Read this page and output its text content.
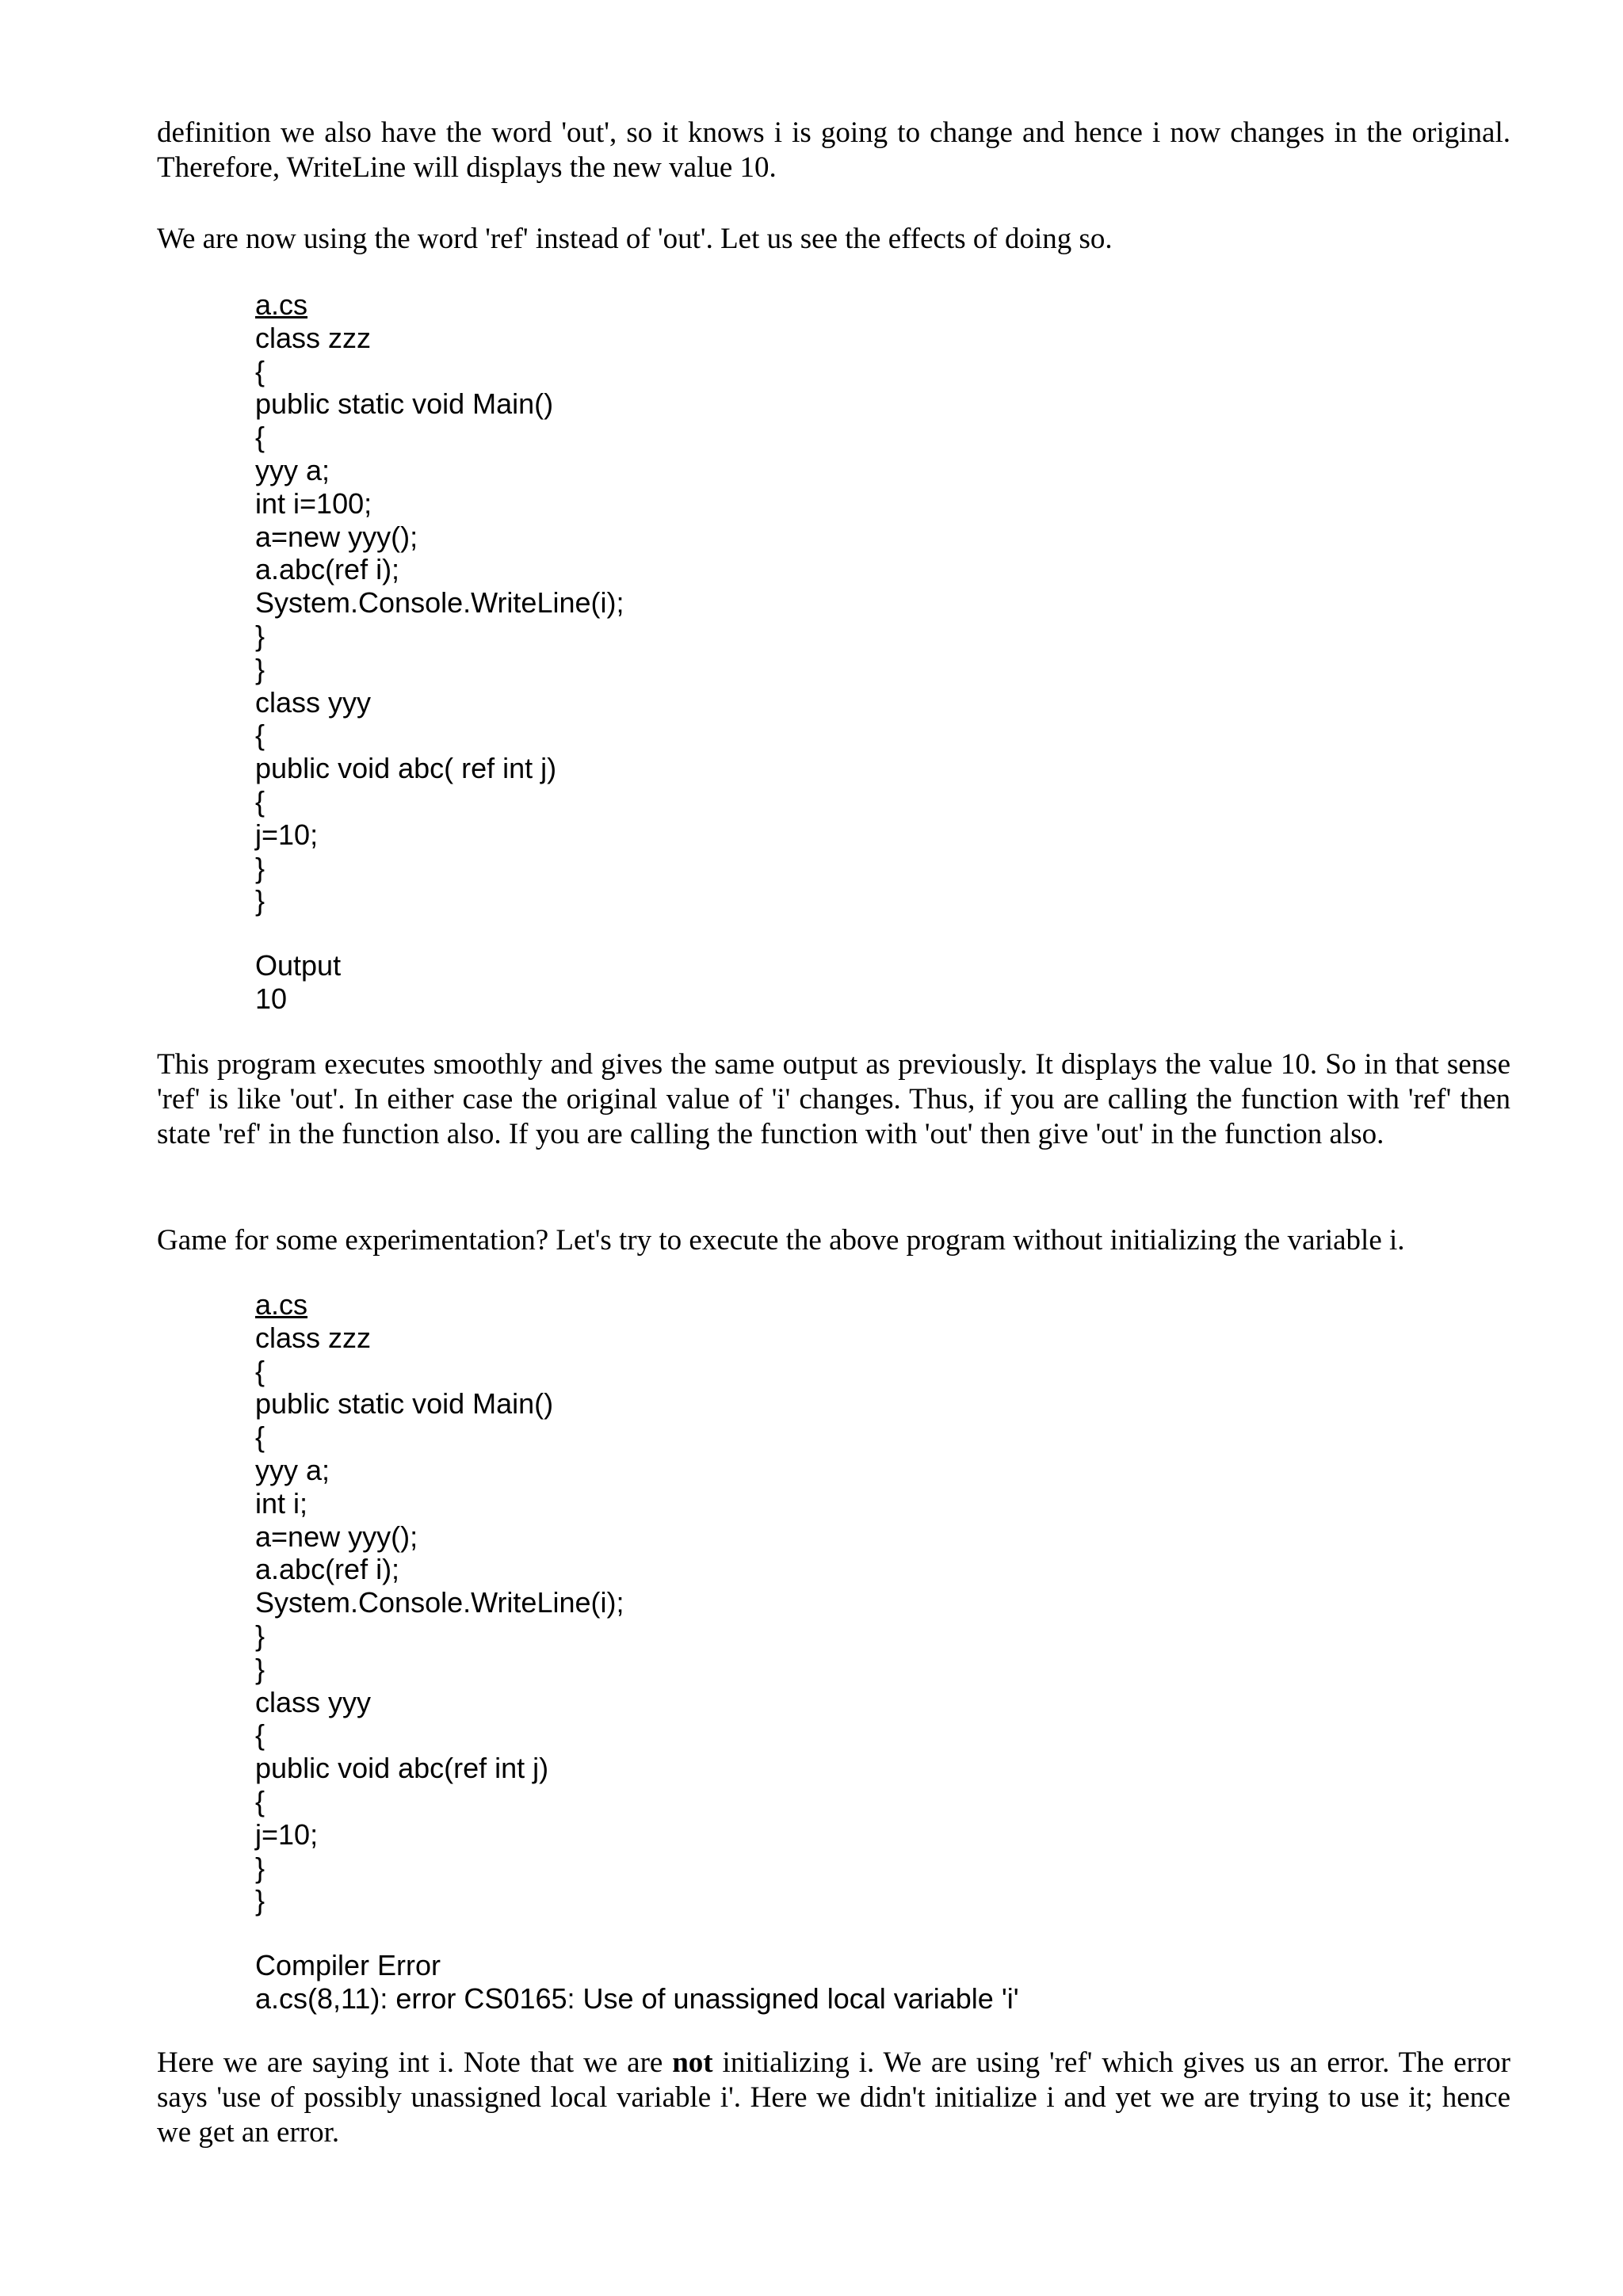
definition we also have the word 'out', so it knows i is going to change and hence i now changes in the original. Therefore, WriteLine will displays the new value 10.

We are now using the word 'ref' instead of 'out'. Let us see the effects of doing so.

a.cs
class zzz
{
public static void Main()
{
yyy a;
int i=100;
a=new yyy();
a.abc(ref i);
System.Console.WriteLine(i);
}
}
class yyy
{
public void abc( ref int j)
{
j=10;
}
}
Output
10

This program executes smoothly and gives the same output as previously. It displays the value 10. So in that sense 'ref' is like 'out'. In either case the original value of 'i' changes. Thus, if you are calling the function with 'ref' then state 'ref' in the function also. If you are calling the function with 'out' then give 'out' in the function also.

Game for some experimentation? Let's try to execute the above program without initializing the variable i.

a.cs
class zzz
{
public static void Main()
{
yyy a;
int i;
a=new yyy();
a.abc(ref i);
System.Console.WriteLine(i);
}
}
class yyy
{
public void abc(ref int j)
{
j=10;
}
}
Compiler Error
a.cs(8,11): error CS0165: Use of unassigned local variable 'i'

Here we are saying int i. Note that we are not initializing i. We are using 'ref' which gives us an error. The error says 'use of possibly unassigned local variable i'. Here we didn't initialize i and yet we are trying to use it; hence we get an error.
